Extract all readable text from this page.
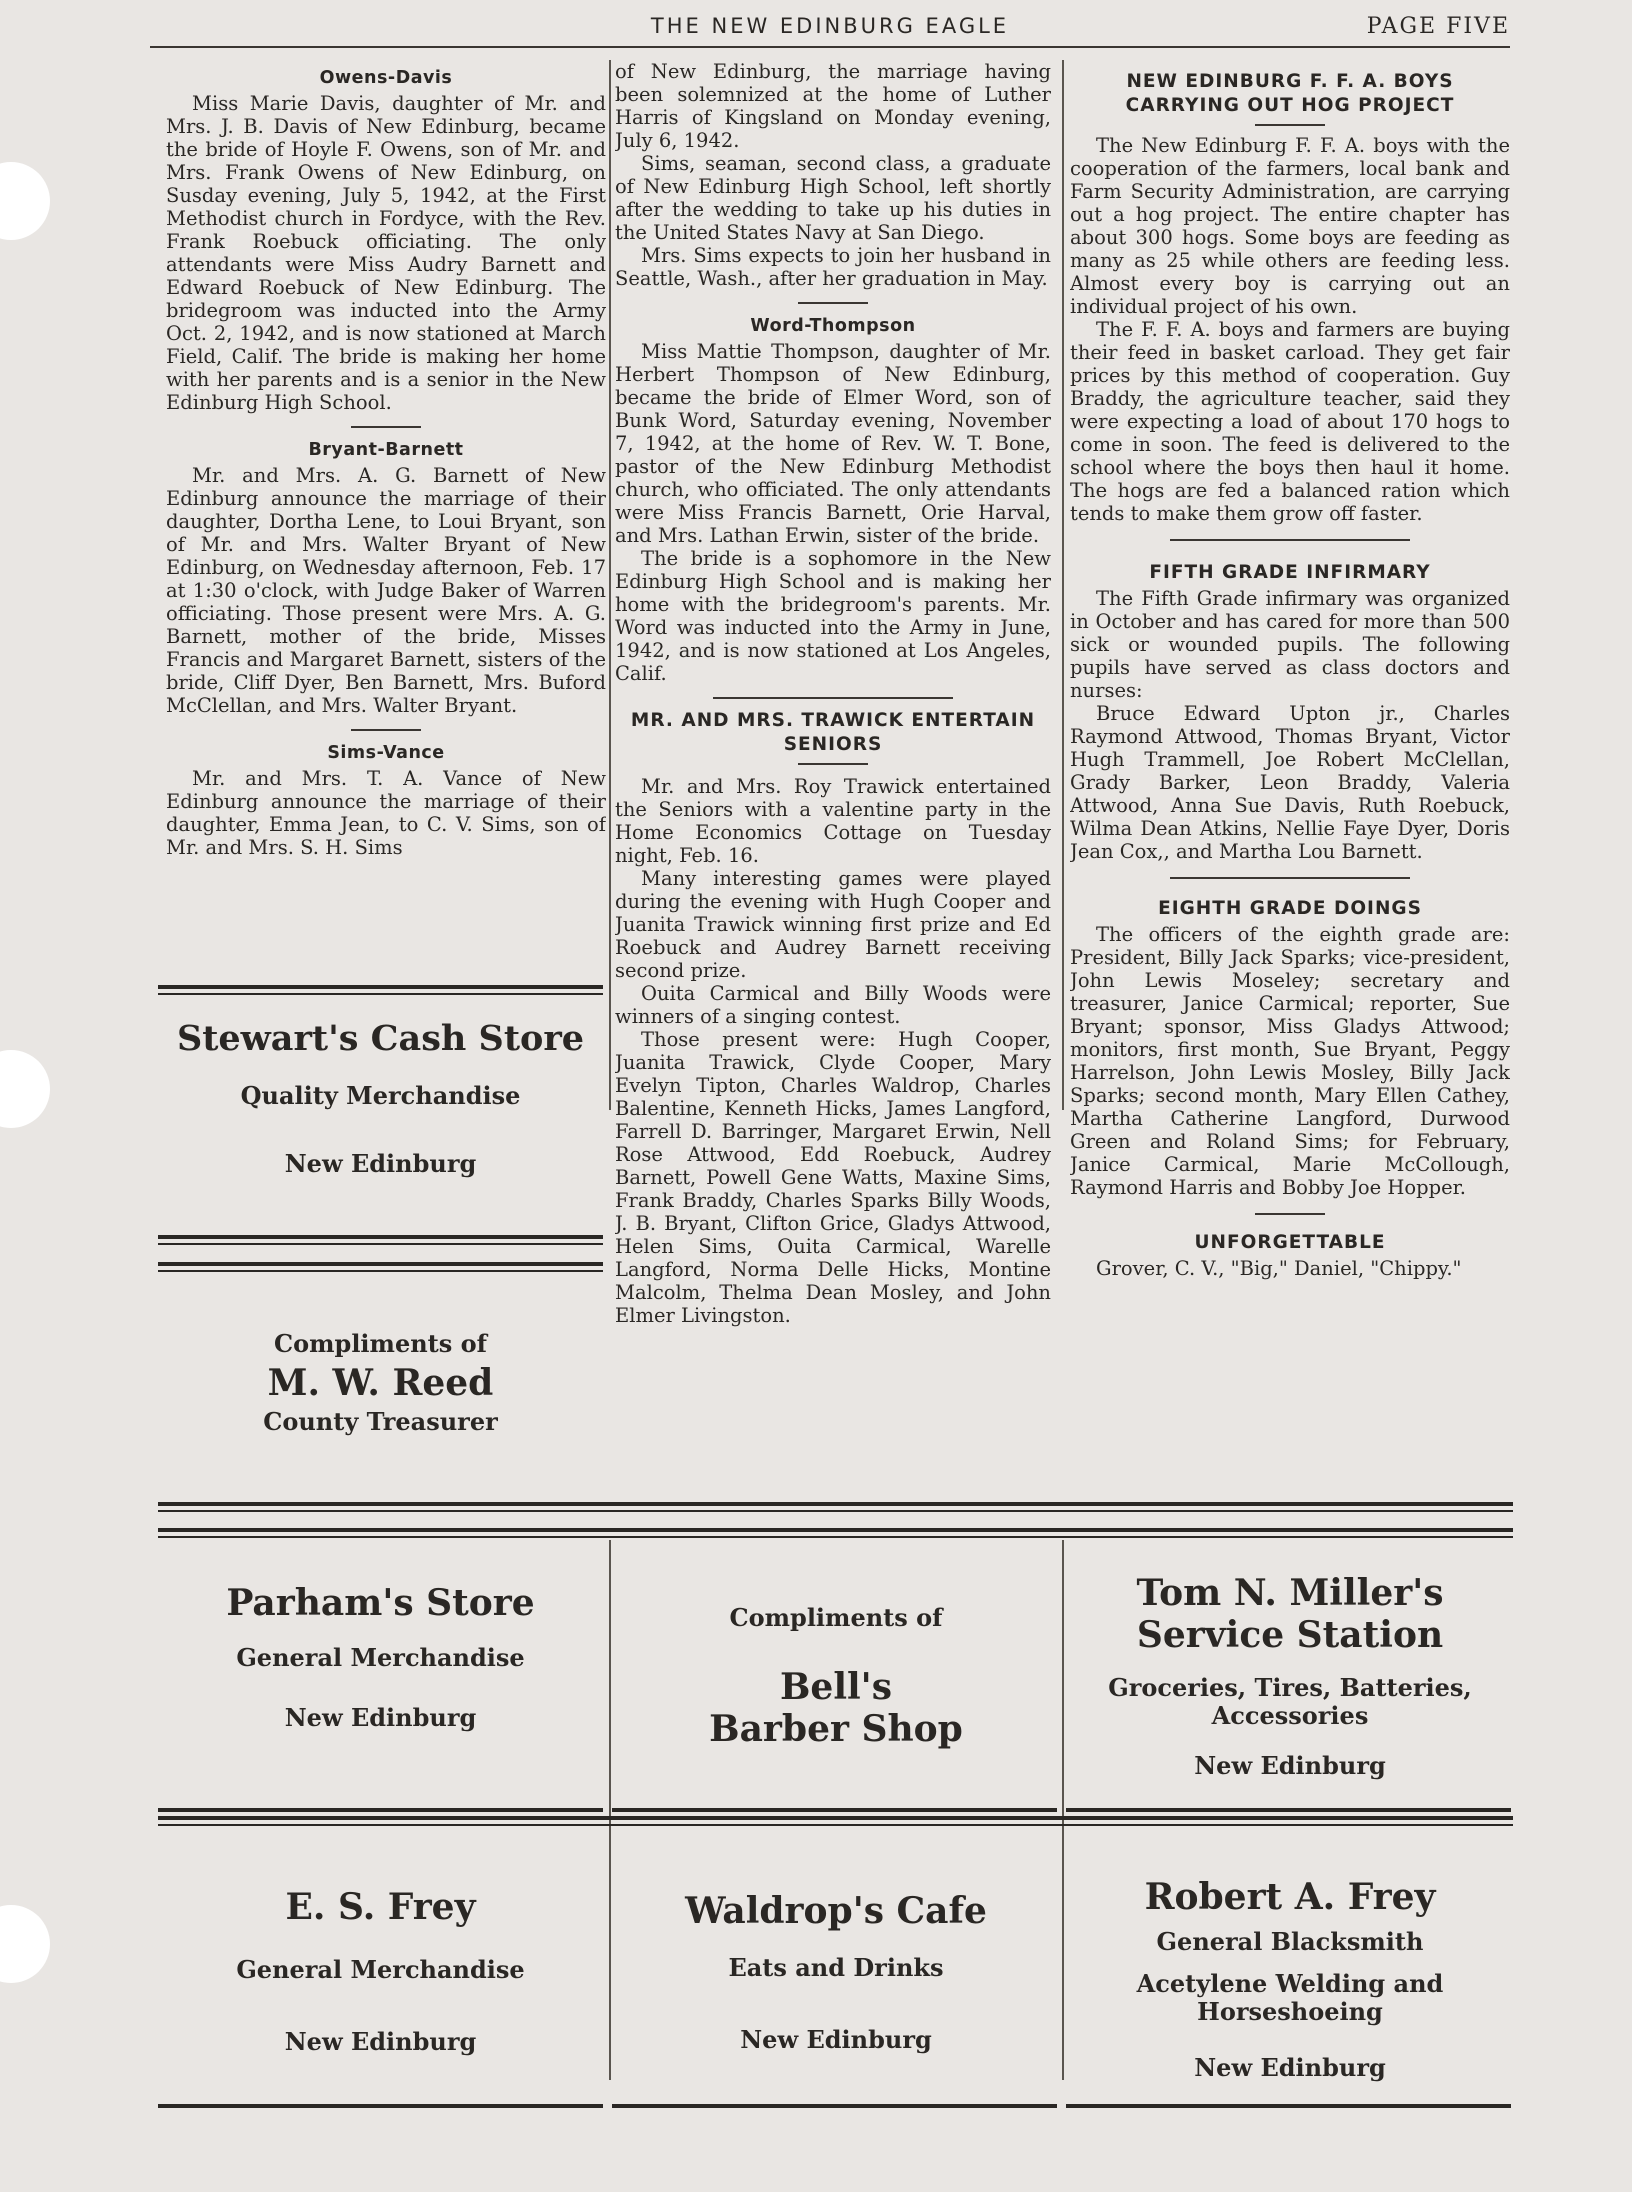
THE NEW EDINBURG EAGLE	PAGE FIVE
Owens-Davis

Miss Marie Davis, daughter of Mr. and Mrs. J. B. Davis of New Edinburg, became the bride of Hoyle F. Owens, son of Mr. and Mrs. Frank Owens of New Edinburg, on Susday evening, July 5, 1942, at the First Methodist church in Fordyce, with the Rev. Frank Roebuck officiating. The only attendants were Miss Audry Barnett and Edward Roebuck of New Edinburg. The bridegroom was inducted into the Army Oct. 2, 1942, and is now stationed at March Field, Calif. The bride is making her home with her parents and is a senior in the New Edinburg High School.

Bryant-Barnett

Mr. and Mrs. A. G. Barnett of New Edinburg announce the marriage of their daughter, Dortha Lene, to Loui Bryant, son of Mr. and Mrs. Walter Bryant of New Edinburg, on Wednesday afternoon, Feb. 17 at 1:30 o'clock, with Judge Baker of Warren officiating. Those present were Mrs. A. G. Barnett, mother of the bride, Misses Francis and Margaret Barnett, sisters of the bride, Cliff Dyer, Ben Barnett, Mrs. Buford McClellan, and Mrs. Walter Bryant.

Sims-Vance

Mr. and Mrs. T. A. Vance of New Edinburg announce the marriage of their daughter, Emma Jean, to C. V. Sims, son of Mr. and Mrs. S. H. Sims

of New Edinburg, the marriage having been solemnized at the home of Luther Harris of Kingsland on Monday evening, July 6, 1942.

Sims, seaman, second class, a graduate of New Edinburg High School, left shortly after the wedding to take up his duties in the United States Navy at San Diego.

Mrs. Sims expects to join her husband in Seattle, Wash., after her graduation in May.

Word-Thompson

Miss Mattie Thompson, daughter of Mr. Herbert Thompson of New Edinburg, became the bride of Elmer Word, son of Bunk Word, Saturday evening, November 7, 1942, at the home of Rev. W. T. Bone, pastor of the New Edinburg Methodist church, who officiated. The only attendants were Miss Francis Barnett, Orie Harval, and Mrs. Lathan Erwin, sister of the bride.

The bride is a sophomore in the New Edinburg High School and is making her home with the bridegroom's parents. Mr. Word was inducted into the Army in June, 1942, and is now stationed at Los Angeles, Calif.

MR. AND MRS. TRAWICK ENTERTAIN SENIORS

Mr. and Mrs. Roy Trawick entertained the Seniors with a valentine party in the Home Economics Cottage on Tuesday night, Feb. 16.

Many interesting games were played during the evening with Hugh Cooper and Juanita Trawick winning first prize and Ed Roebuck and Audrey Barnett receiving second prize.

Ouita Carmical and Billy Woods were winners of a singing contest.

Those present were: Hugh Cooper, Juanita Trawick, Clyde Cooper, Mary Evelyn Tipton, Charles Waldrop, Charles Balentine, Kenneth Hicks, James Langford, Farrell D. Barringer, Margaret Erwin, Nell Rose Attwood, Edd Roebuck, Audrey Barnett, Powell Gene Watts, Maxine Sims, Frank Braddy, Charles Sparks Billy Woods, J. B. Bryant, Clifton Grice, Gladys Attwood, Helen Sims, Ouita Carmical, Warelle Langford, Norma Delle Hicks, Montine Malcolm, Thelma Dean Mosley, and John Elmer Livingston.

NEW EDINBURG F. F. A. BOYS CARRYING OUT HOG PROJECT

The New Edinburg F. F. A. boys with the cooperation of the farmers, local bank and Farm Security Administration, are carrying out a hog project. The entire chapter has about 300 hogs. Some boys are feeding as many as 25 while others are feeding less. Almost every boy is carrying out an individual project of his own.

The F. F. A. boys and farmers are buying their feed in basket carload. They get fair prices by this method of cooperation. Guy Braddy, the agriculture teacher, said they were expecting a load of about 170 hogs to come in soon. The feed is delivered to the school where the boys then haul it home. The hogs are fed a balanced ration which tends to make them grow off faster.

FIFTH GRADE INFIRMARY

The Fifth Grade infirmary was organized in October and has cared for more than 500 sick or wounded pupils. The following pupils have served as class doctors and nurses:

Bruce Edward Upton jr., Charles Raymond Attwood, Thomas Bryant, Victor Hugh Trammell, Joe Robert McClellan, Grady Barker, Leon Braddy, Valeria Attwood, Anna Sue Davis, Ruth Roebuck, Wilma Dean Atkins, Nellie Faye Dyer, Doris Jean Cox,, and Martha Lou Barnett.

EIGHTH GRADE DOINGS

The officers of the eighth grade are: President, Billy Jack Sparks; vice-president, John Lewis Moseley; secretary and treasurer, Janice Carmical; reporter, Sue Bryant; sponsor, Miss Gladys Attwood; monitors, first month, Sue Bryant, Peggy Harrelson, John Lewis Mosley, Billy Jack Sparks; second month, Mary Ellen Cathey, Martha Catherine Langford, Durwood Green and Roland Sims; for February, Janice Carmical, Marie McCollough, Raymond Harris and Bobby Joe Hopper.

UNFORGETTABLE

Grover, C. V., "Big," Daniel, "Chippy."

Stewart's Cash Store
Quality Merchandise
New Edinburg
Compliments of
M. W. Reed
County Treasurer
Parham's Store
General Merchandise
New Edinburg
Compliments of
Bell's
Barber Shop
Tom N. Miller's
Service Station
Groceries, Tires, Batteries, Accessories
New Edinburg
E. S. Frey
General Merchandise
New Edinburg
Waldrop's Cafe
Eats and Drinks
New Edinburg
Robert A. Frey
General Blacksmith
Acetylene Welding and Horseshoeing
New Edinburg
